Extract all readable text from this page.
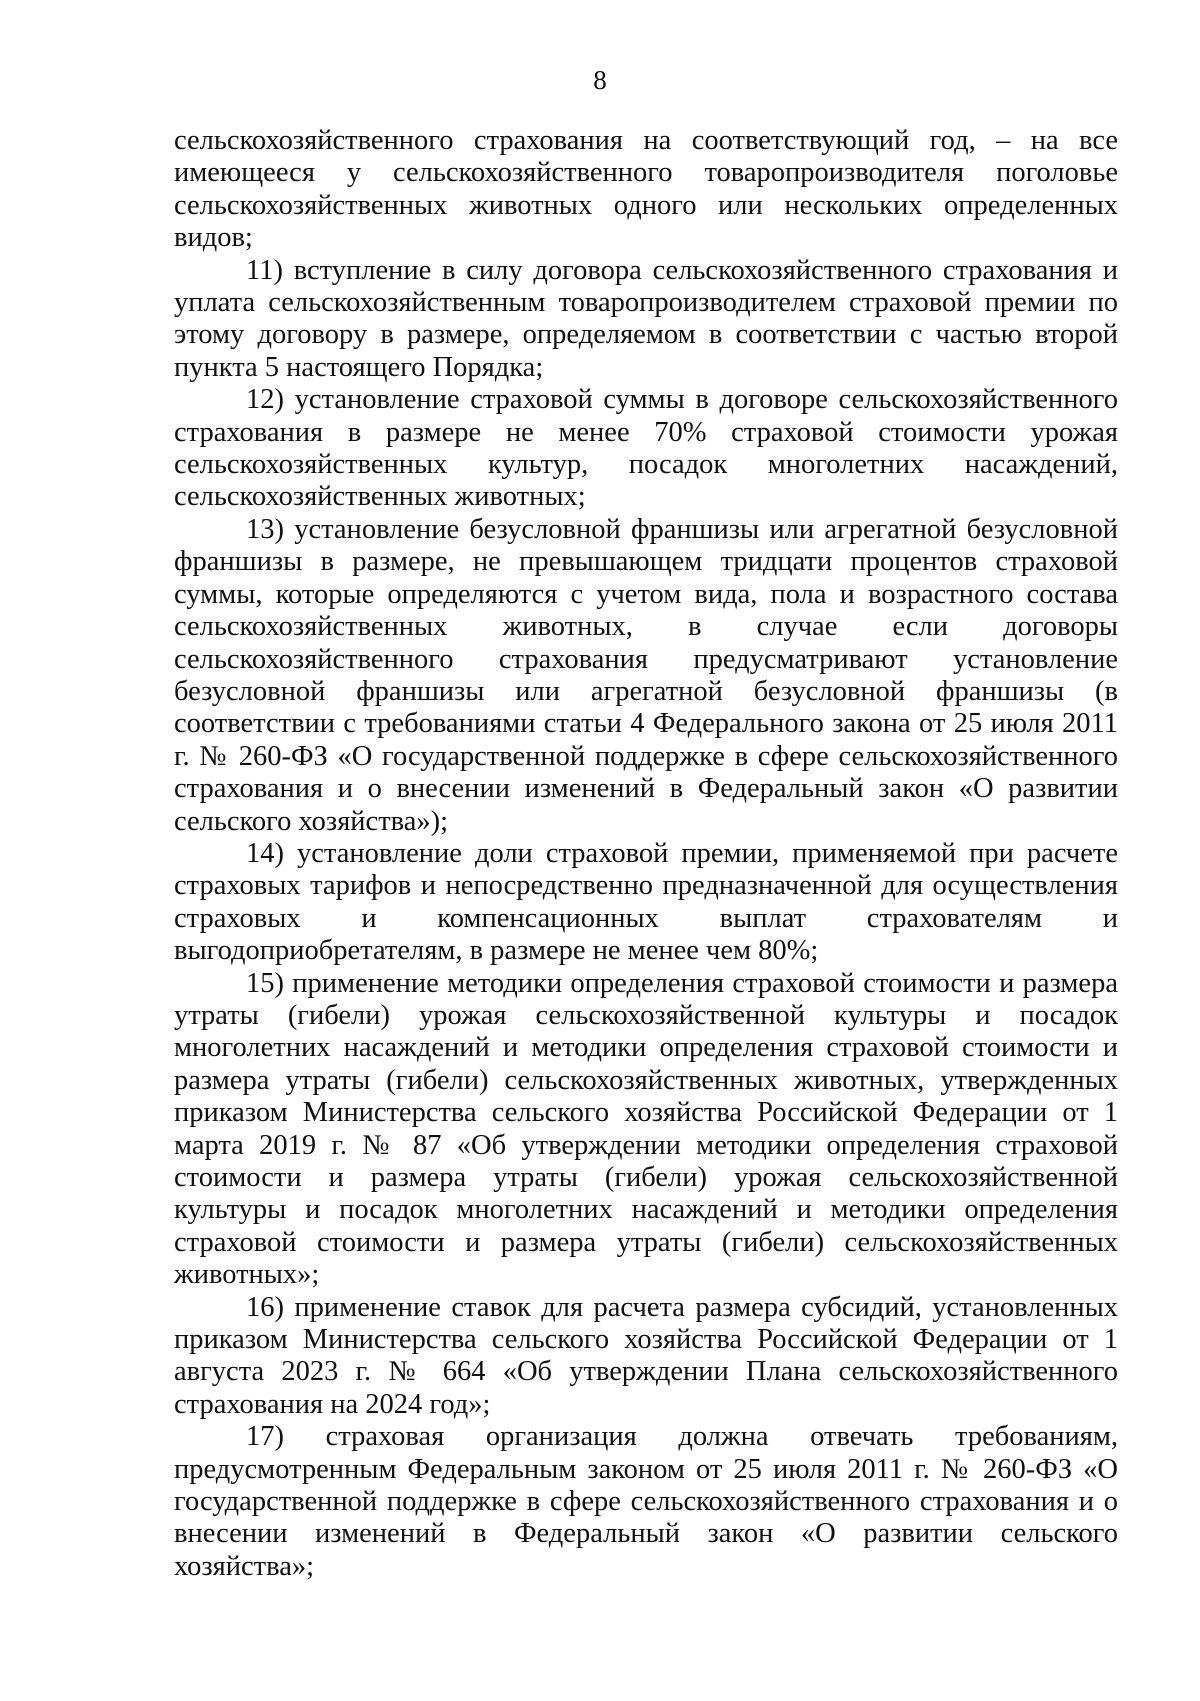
8

сельскохозяйственного страхования на соответствующий год, – на все имеющееся у сельскохозяйственного товаропроизводителя поголовье сельскохозяйственных животных одного или нескольких определенных видов;

11) вступление в силу договора сельскохозяйственного страхования и уплата сельскохозяйственным товаропроизводителем страховой премии по этому договору в размере, определяемом в соответствии с частью второй пункта 5 настоящего Порядка;

12) установление страховой суммы в договоре сельскохозяйственного страхования в размере не менее 70% страховой стоимости урожая сельскохозяйственных культур, посадок многолетних насаждений, сельскохозяйственных животных;

13) установление безусловной франшизы или агрегатной безусловной франшизы в размере, не превышающем тридцати процентов страховой суммы, которые определяются с учетом вида, пола и возрастного состава сельскохозяйственных животных, в случае если договоры сельскохозяйственного страхования предусматривают установление безусловной франшизы или агрегатной безусловной франшизы (в соответствии с требованиями статьи 4 Федерального закона от 25 июля 2011 г. № 260-ФЗ «О государственной поддержке в сфере сельскохозяйственного страхования и о внесении изменений в Федеральный закон «О развитии сельского хозяйства»);

14) установление доли страховой премии, применяемой при расчете страховых тарифов и непосредственно предназначенной для осуществления страховых и компенсационных выплат страхователям и выгодоприобретателям, в размере не менее чем 80%;

15) применение методики определения страховой стоимости и размера утраты (гибели) урожая сельскохозяйственной культуры и посадок многолетних насаждений и методики определения страховой стоимости и размера утраты (гибели) сельскохозяйственных животных, утвержденных приказом Министерства сельского хозяйства Российской Федерации от 1 марта 2019 г. № 87 «Об утверждении методики определения страховой стоимости и размера утраты (гибели) урожая сельскохозяйственной культуры и посадок многолетних насаждений и методики определения страховой стоимости и размера утраты (гибели) сельскохозяйственных животных»;

16) применение ставок для расчета размера субсидий, установленных приказом Министерства сельского хозяйства Российской Федерации от 1 августа 2023 г. № 664 «Об утверждении Плана сельскохозяйственного страхования на 2024 год»;

17) страховая организация должна отвечать требованиям, предусмотренным Федеральным законом от 25 июля 2011 г. № 260-ФЗ «О государственной поддержке в сфере сельскохозяйственного страхования и о внесении изменений в Федеральный закон «О развитии сельского хозяйства»;
